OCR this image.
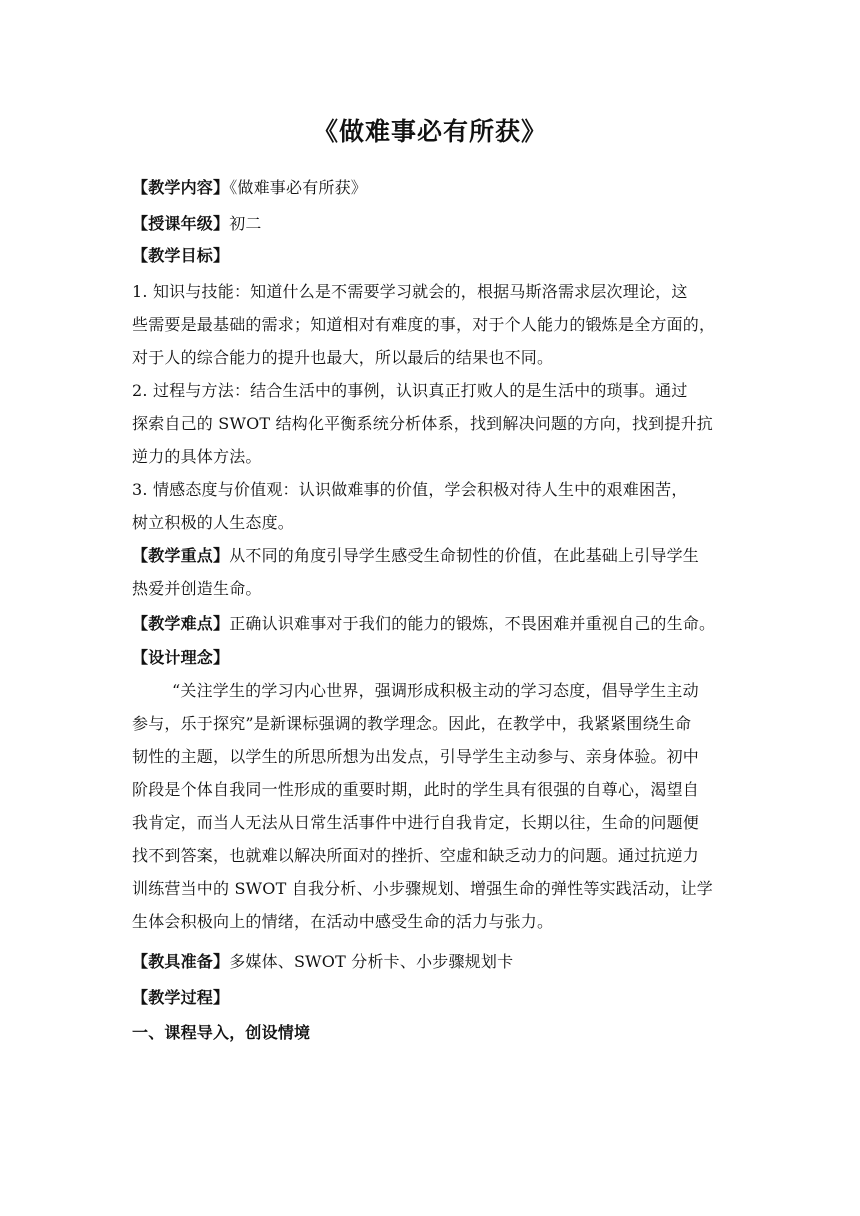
《做难事必有所获》
【教学内容】《做难事必有所获》
【授课年级】初二
【教学目标】
1. 知识与技能：知道什么是不需要学习就会的，根据马斯洛需求层次理论，这
些需要是最基础的需求；知道相对有难度的事，对于个人能力的锻炼是全方面的，
对于人的综合能力的提升也最大，所以最后的结果也不同。
2. 过程与方法：结合生活中的事例，认识真正打败人的是生活中的琐事。通过
探索自己的 SWOT 结构化平衡系统分析体系，找到解决问题的方向，找到提升抗
逆力的具体方法。
3. 情感态度与价值观：认识做难事的价值，学会积极对待人生中的艰难困苦，
树立积极的人生态度。
【教学重点】从不同的角度引导学生感受生命韧性的价值，在此基础上引导学生
热爱并创造生命。
【教学难点】正确认识难事对于我们的能力的锻炼，不畏困难并重视自己的生命。
【设计理念】
“关注学生的学习内心世界，强调形成积极主动的学习态度，倡导学生主动
参与，乐于探究”是新课标强调的教学理念。因此，在教学中，我紧紧围绕生命
韧性的主题，以学生的所思所想为出发点，引导学生主动参与、亲身体验。初中
阶段是个体自我同一性形成的重要时期，此时的学生具有很强的自尊心，渴望自
我肯定，而当人无法从日常生活事件中进行自我肯定，长期以往，生命的问题便
找不到答案，也就难以解决所面对的挫折、空虚和缺乏动力的问题。通过抗逆力
训练营当中的 SWOT 自我分析、小步骤规划、增强生命的弹性等实践活动，让学
生体会积极向上的情绪，在活动中感受生命的活力与张力。
【教具准备】多媒体、SWOT 分析卡、小步骤规划卡
【教学过程】
一、课程导入，创设情境
